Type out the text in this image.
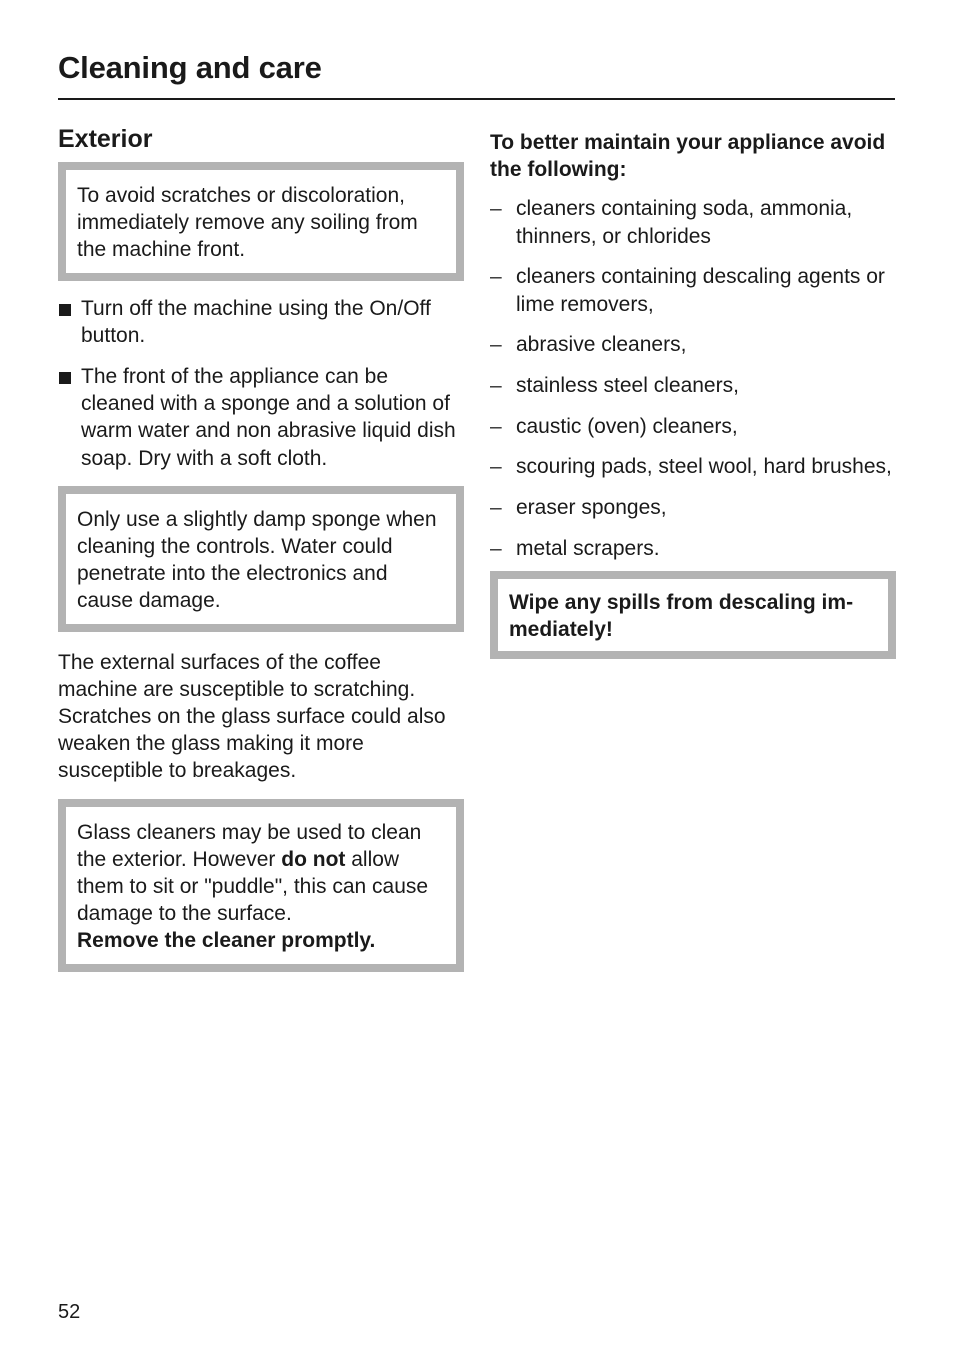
Cleaning and care
Exterior
To avoid scratches or discoloration, immediately remove any soiling from the machine front.
Turn off the machine using the On/Off button.
The front of the appliance can be cleaned with a sponge and a solution of warm water and non abrasive liquid dish soap. Dry with a soft cloth.
Only use a slightly damp sponge when cleaning the controls. Water could penetrate into the electronics and cause damage.

The external surfaces of the coffee machine are susceptible to scratching. Scratches on the glass surface could also weaken the glass making it more susceptible to breakages.

Glass cleaners may be used to clean the exterior. However do not allow them to sit or "puddle", this can cause damage to the surface.
Remove the cleaner promptly.

To better maintain your appliance avoid the following:

– cleaners containing soda, ammonia, thinners, or chlorides
– cleaners containing descaling agents or lime removers,
– abrasive cleaners,
– stainless steel cleaners,
– caustic (oven) cleaners,
– scouring pads, steel wool, hard brushes,
– eraser sponges,
– metal scrapers.
Wipe any spills from descaling im- mediately!
52
